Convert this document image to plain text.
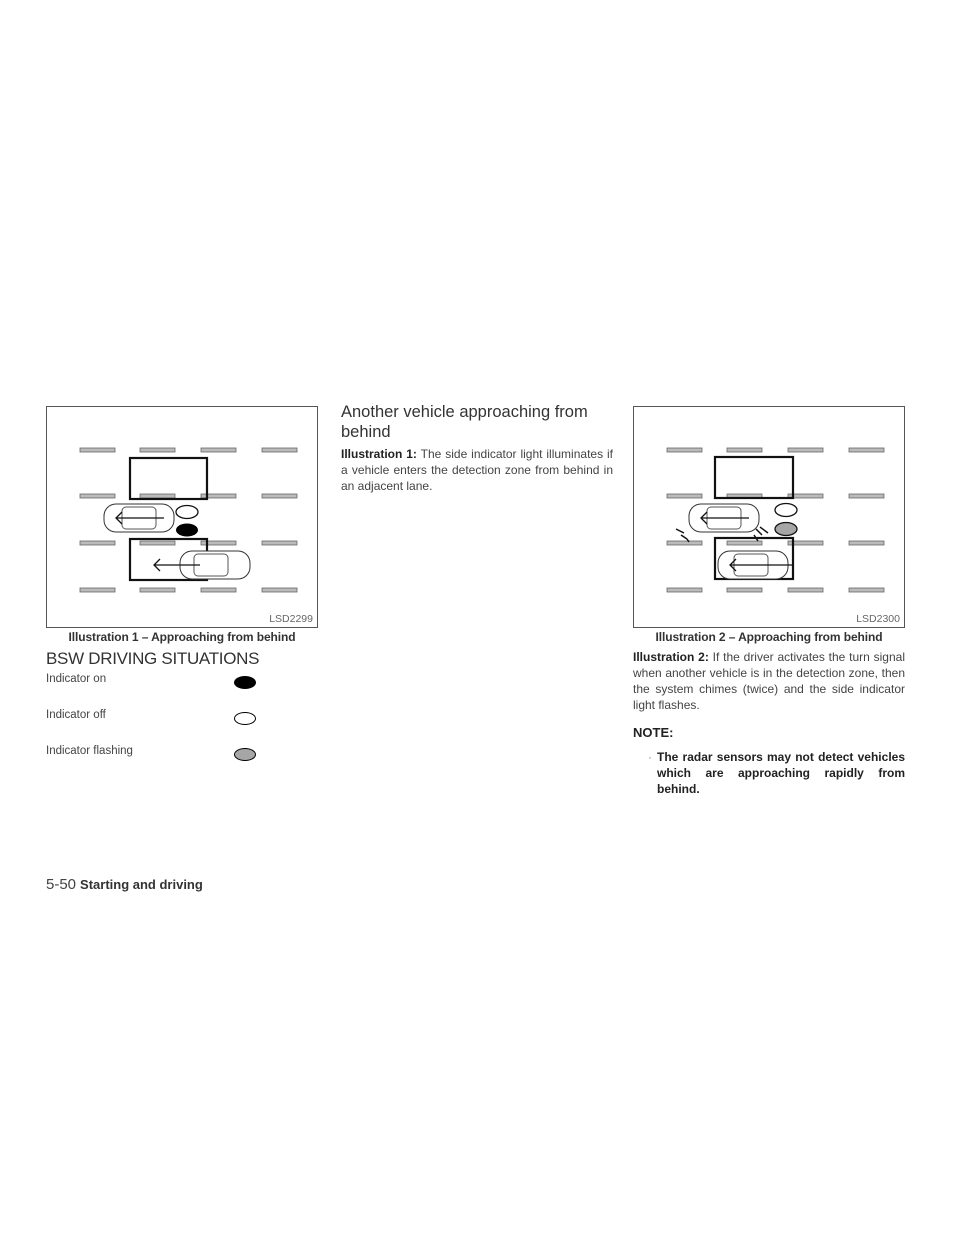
LSD2299
Illustration 1 – Approaching from behind
BSW DRIVING SITUATIONS
Indicator on
Indicator off
Indicator flashing
Another vehicle approaching from behind
Illustration 1: The side indicator light illuminates if a vehicle enters the detection zone from behind in an adjacent lane.
LSD2300
Illustration 2 – Approaching from behind
Illustration 2: If the driver activates the turn signal when another vehicle is in the detection zone, then the system chimes (twice) and the side indicator light flashes.
NOTE:
· The radar sensors may not detect vehicles which are approaching rapidly from behind.
5-50 Starting and driving
